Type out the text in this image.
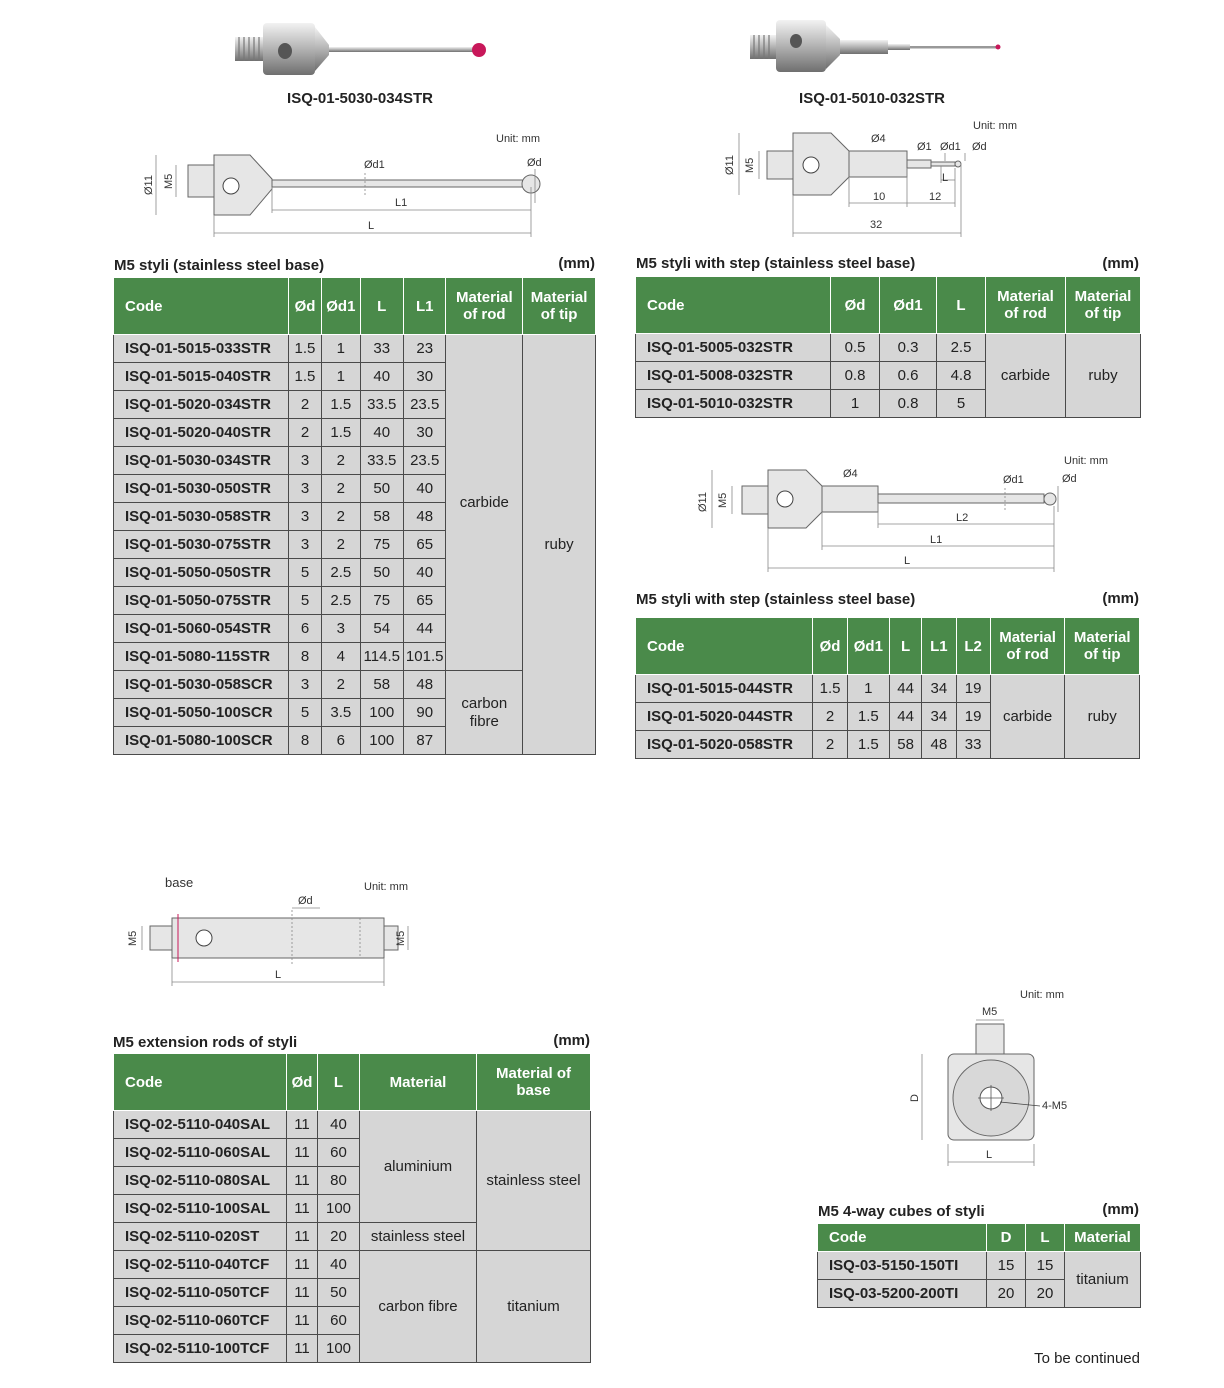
ISQ-01-5030-034STR	ISQ-01-5010-032STR
Unit: mm
Ød1	Ød
L1
L
Ø11 M5
Unit: mm
Ø4
Ø1 Ød1 Ød
10	12
L
32
Ø11 M5
M5 styli (stainless steel base)	(mm)
Code	Ød	Ød1	L	L1	Material of rod	Material of tip
ISQ-01-5015-033STR	1.5	1	33	23	carbide	ruby
ISQ-01-5015-040STR	1.5	1	40	30		
ISQ-01-5020-034STR	2	1.5	33.5	23.5		
ISQ-01-5020-040STR	2	1.5	40	30		
ISQ-01-5030-034STR	3	2	33.5	23.5		
ISQ-01-5030-050STR	3	2	50	40		
ISQ-01-5030-058STR	3	2	58	48		
ISQ-01-5030-075STR	3	2	75	65		
ISQ-01-5050-050STR	5	2.5	50	40		
ISQ-01-5050-075STR	5	2.5	75	65		
ISQ-01-5060-054STR	6	3	54	44		
ISQ-01-5080-115STR	8	4	114.5	101.5		
ISQ-01-5030-058SCR	3	2	58	48	carbon fibre	
ISQ-01-5050-100SCR	5	3.5	100	90		
ISQ-01-5080-100SCR	8	6	100	87		
M5 styli with step (stainless steel base)	(mm)
Code	Ød	Ød1	L	Material of rod	Material of tip
ISQ-01-5005-032STR	0.5	0.3	2.5	carbide	ruby
ISQ-01-5008-032STR	0.8	0.6	4.8		
ISQ-01-5010-032STR	1	0.8	5		
Unit: mm
Ø4	Ød1	Ød
L2
L1
L
Ø11 M5
M5 styli with step (stainless steel base)	(mm)
Code	Ød	Ød1	L	L1	L2	Material of rod	Material of tip
ISQ-01-5015-044STR	1.5	1	44	34	19	carbide	ruby
ISQ-01-5020-044STR	2	1.5	44	34	19		
ISQ-01-5020-058STR	2	1.5	58	48	33		
base	Unit: mm
Ød
L
M5	M5
M5 extension rods of styli	(mm)
Code	Ød	L	Material	Material of base
ISQ-02-5110-040SAL	11	40	aluminium	stainless steel
ISQ-02-5110-060SAL	11	60		
ISQ-02-5110-080SAL	11	80		
ISQ-02-5110-100SAL	11	100		
ISQ-02-5110-020ST	11	20	stainless steel	
ISQ-02-5110-040TCF	11	40	carbon fibre	titanium
ISQ-02-5110-050TCF	11	50		
ISQ-02-5110-060TCF	11	60		
ISQ-02-5110-100TCF	11	100		
Unit: mm
M5
4-M5
D
L
M5 4-way cubes of styli	(mm)
Code	D	L	Material
ISQ-03-5150-150TI	15	15	titanium
ISQ-03-5200-200TI	20	20	
To be continued
